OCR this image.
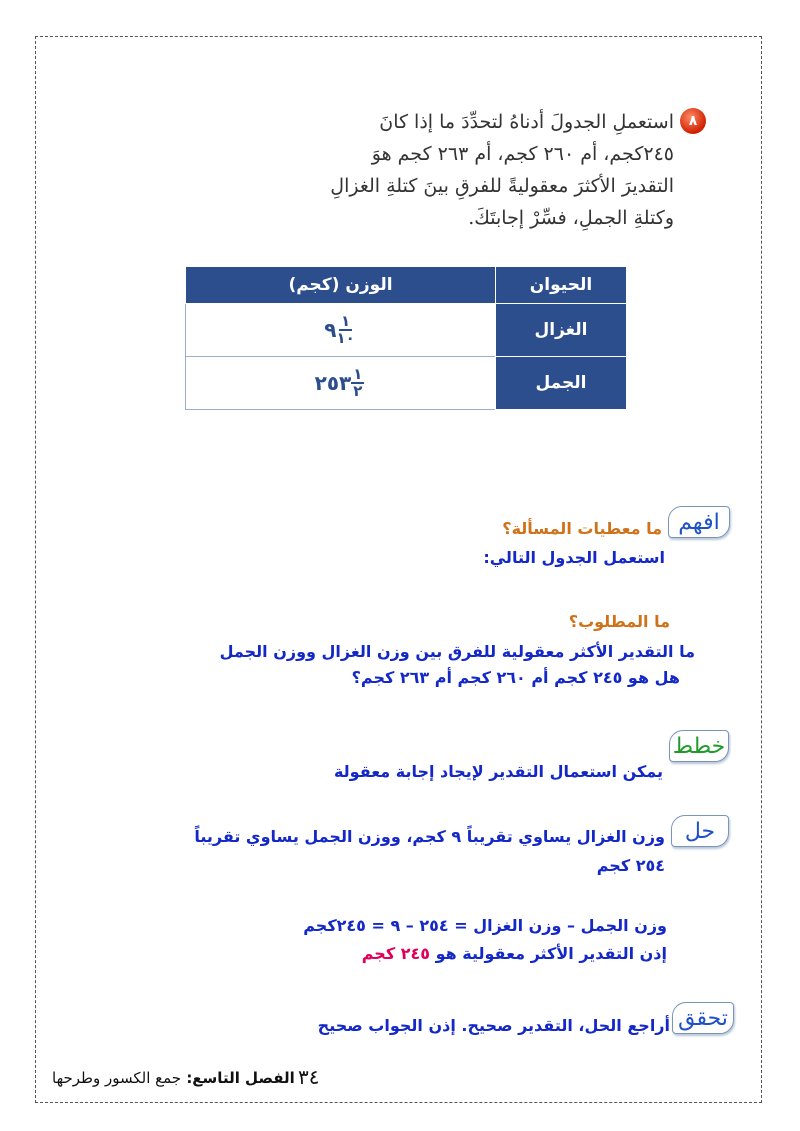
٨
استعملِ الجدولَ أدناهُ لتحدِّدَ ما إذا كانَ
٢٤٥كجم، أم ٢٦٠ كجم، أم ٢٦٣ كجم هوَ
التقديرَ الأكثرَ معقوليةً للفرقِ بينَ كتلةِ الغزالِ
وكتلةِ الجملِ، فسِّرْ إجابتَكَ.
الحيوان	الوزن (كجم)
الغزال	٩ $\frac{١}{١٠}$

الجمل	٢٥٣ $\frac{١}{٢}$
افهم
ما معطيات المسألة؟
استعمل الجدول التالي:
ما المطلوب؟
ما التقدير الأكثر معقولية للفرق بين وزن الغزال ووزن الجمل
هل هو ٢٤٥ كجم أم ٢٦٠ كجم أم ٢٦٣ كجم؟
خطط
يمكن استعمال التقدير لإيجاد إجابة معقولة
حل
وزن الغزال يساوي تقريباً ٩ كجم، ووزن الجمل يساوي تقريباً
٢٥٤ كجم
وزن الجمل – وزن الغزال = ٢٥٤ – ٩ = ٢٤٥كجم
إذن التقدير الأكثر معقولية هو ٢٤٥ كجم
تحقق
أراجع الحل، التقدير صحيح. إذن الجواب صحيح
٣٤
الفصل التاسع: جمع الكسور وطرحها
